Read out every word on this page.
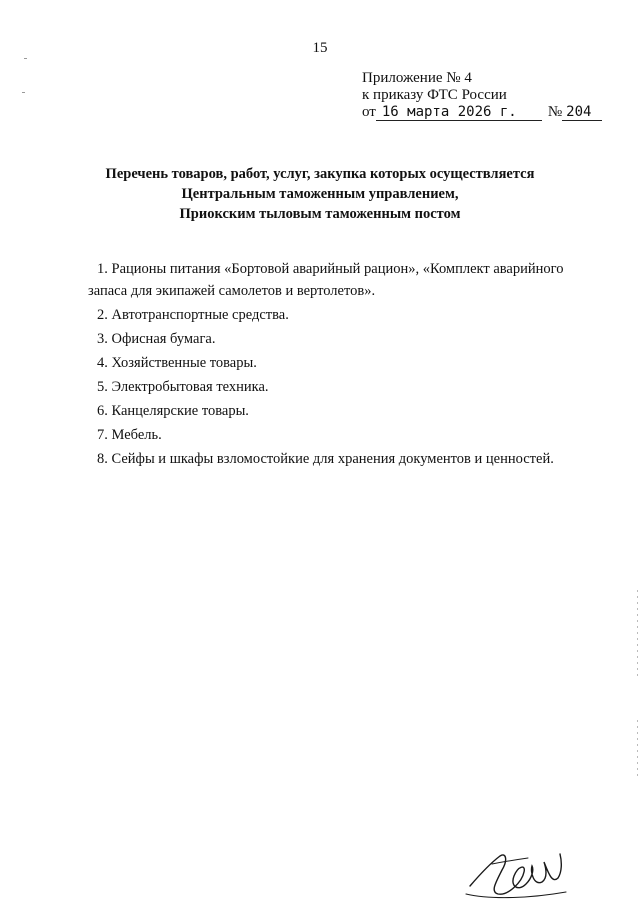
15
Приложение № 4
к приказу ФТС России
от 16 марта 2026 г.	№ 204
Перечень товаров, работ, услуг, закупка которых осуществляется
Центральным таможенным управлением,
Приокским тыловым таможенным постом
1. Рационы питания «Бортовой аварийный рацион», «Комплект аварийного
запаса для экипажей самолетов и вертолетов».
2. Автотранспортные средства.
3. Офисная бумага.
4. Хозяйственные товары.
5. Электробытовая техника.
6. Канцелярские товары.
7. Мебель.
8. Сейфы и шкафы взломостойкие для хранения документов и ценностей.
